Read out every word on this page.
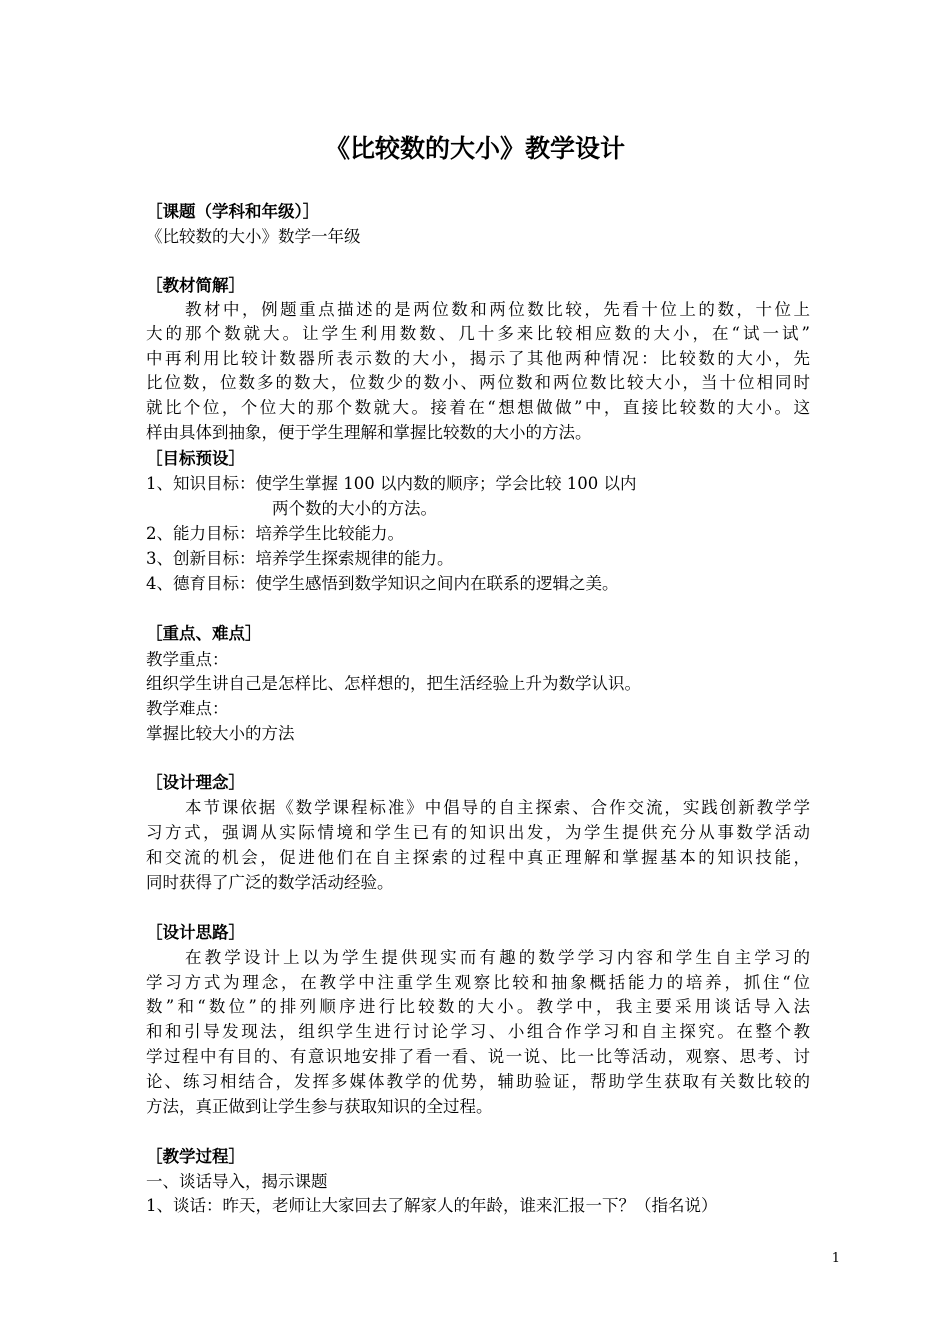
《比较数的大小》教学设计
［课题（学科和年级）］
《比较数的大小》数学一年级
［教材简解］
教材中，例题重点描述的是两位数和两位数比较，先看十位上的数，十位上
大的那个数就大。让学生利用数数、几十多来比较相应数的大小，在“试一试”
中再利用比较计数器所表示数的大小，揭示了其他两种情况：比较数的大小，先
比位数，位数多的数大，位数少的数小、两位数和两位数比较大小，当十位相同时
就比个位，个位大的那个数就大。接着在“想想做做”中，直接比较数的大小。这
样由具体到抽象，便于学生理解和掌握比较数的大小的方法。
［目标预设］
1、知识目标：使学生掌握 100 以内数的顺序；学会比较 100 以内
两个数的大小的方法。
2、能力目标：培养学生比较能力。
3、创新目标：培养学生探索规律的能力。
4、德育目标：使学生感悟到数学知识之间内在联系的逻辑之美。
［重点、难点］
教学重点：
组织学生讲自己是怎样比、怎样想的，把生活经验上升为数学认识。
教学难点：
掌握比较大小的方法
［设计理念］
本节课依据《数学课程标准》中倡导的自主探索、合作交流，实践创新教学学
习方式，强调从实际情境和学生已有的知识出发，为学生提供充分从事数学活动
和交流的机会，促进他们在自主探索的过程中真正理解和掌握基本的知识技能，
同时获得了广泛的数学活动经验。
［设计思路］
在教学设计上以为学生提供现实而有趣的数学学习内容和学生自主学习的
学习方式为理念，在教学中注重学生观察比较和抽象概括能力的培养，抓住“位
数”和“数位”的排列顺序进行比较数的大小。教学中，我主要采用谈话导入法
和和引导发现法，组织学生进行讨论学习、小组合作学习和自主探究。在整个教
学过程中有目的、有意识地安排了看一看、说一说、比一比等活动，观察、思考、讨
论、练习相结合，发挥多媒体教学的优势，辅助验证，帮助学生获取有关数比较的
方法，真正做到让学生参与获取知识的全过程。
［教学过程］
一、谈话导入，揭示课题
1、谈话：昨天，老师让大家回去了解家人的年龄，谁来汇报一下？（指名说）
1
